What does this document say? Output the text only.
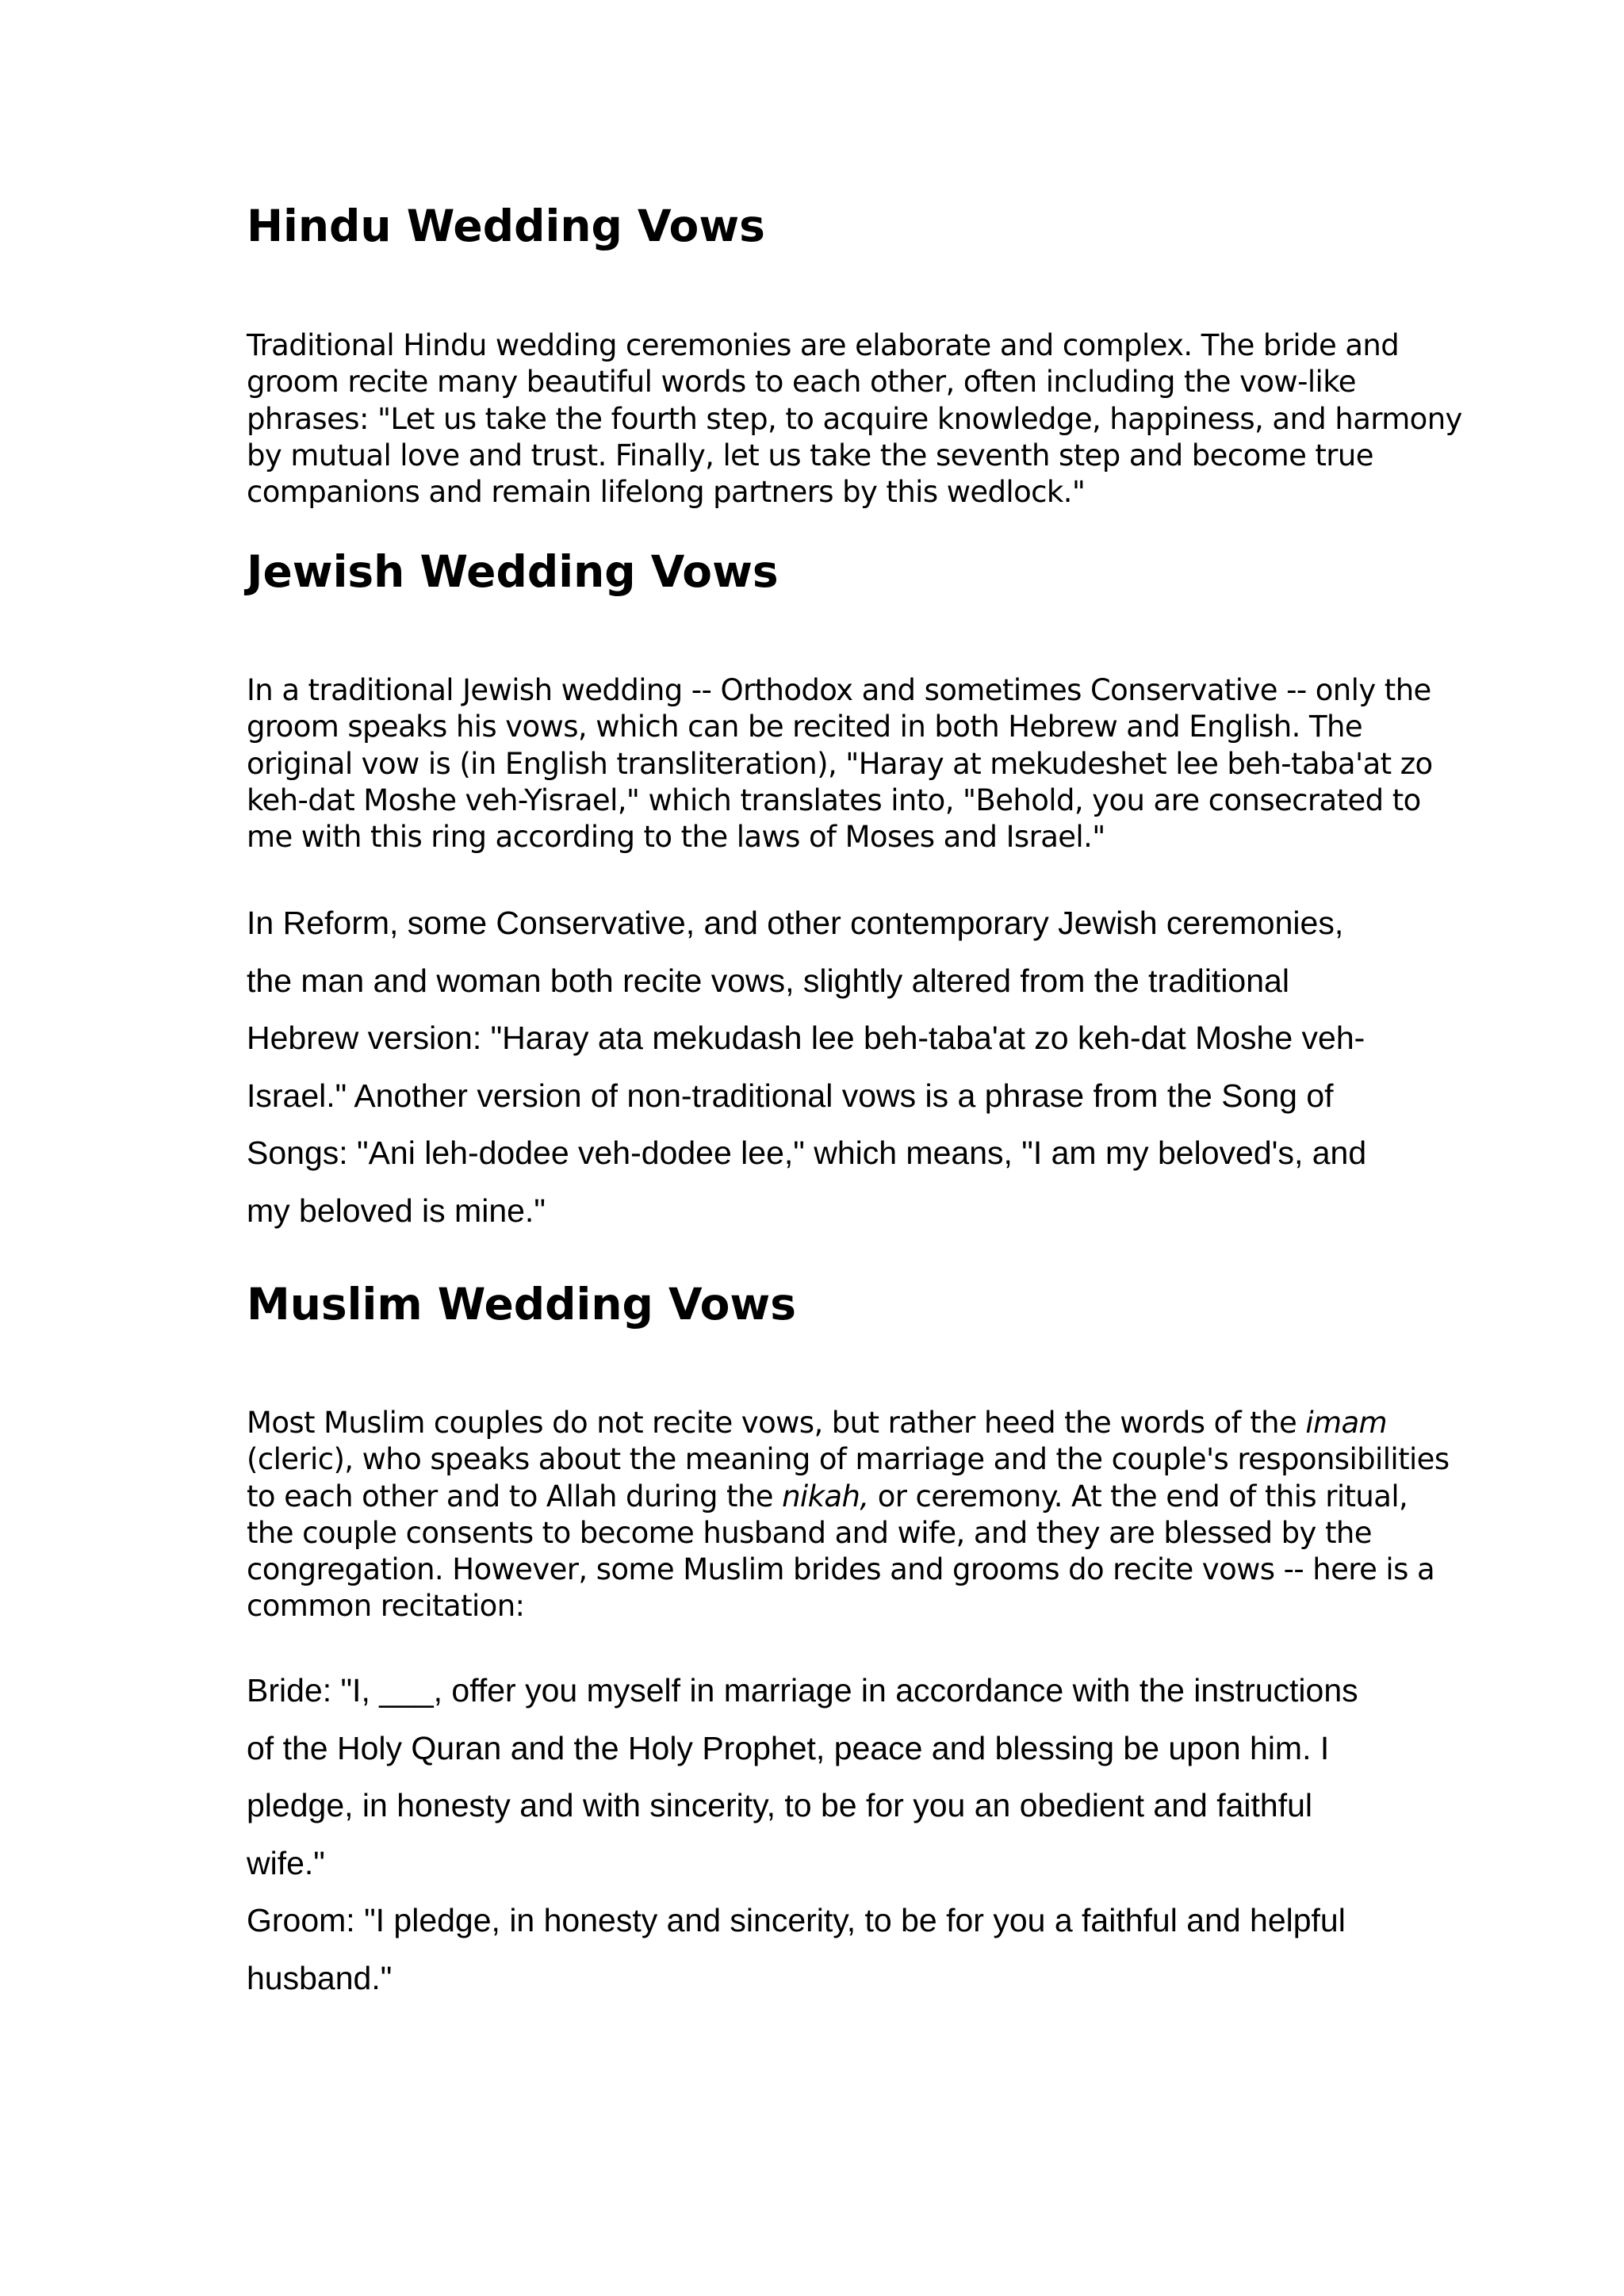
Hindu Wedding Vows

Traditional Hindu wedding ceremonies are elaborate and complex. The bride and
groom recite many beautiful words to each other, often including the vow-like
phrases: "Let us take the fourth step, to acquire knowledge, happiness, and harmony
by mutual love and trust. Finally, let us take the seventh step and become true
companions and remain lifelong partners by this wedlock."

Jewish Wedding Vows

In a traditional Jewish wedding -- Orthodox and sometimes Conservative -- only the
groom speaks his vows, which can be recited in both Hebrew and English. The
original vow is (in English transliteration), "Haray at mekudeshet lee beh-taba'at zo
keh-dat Moshe veh-Yisrael," which translates into, "Behold, you are consecrated to
me with this ring according to the laws of Moses and Israel."

In Reform, some Conservative, and other contemporary Jewish ceremonies,
the man and woman both recite vows, slightly altered from the traditional
Hebrew version: "Haray ata mekudash lee beh-taba'at zo keh-dat Moshe veh-
Israel." Another version of non-traditional vows is a phrase from the Song of
Songs: "Ani leh-dodee veh-dodee lee," which means, "I am my beloved's, and
my beloved is mine."

Muslim Wedding Vows

Most Muslim couples do not recite vows, but rather heed the words of the imam
(cleric), who speaks about the meaning of marriage and the couple's responsibilities
to each other and to Allah during the nikah, or ceremony. At the end of this ritual,
the couple consents to become husband and wife, and they are blessed by the
congregation. However, some Muslim brides and grooms do recite vows -- here is a
common recitation:

Bride: "I, ___, offer you myself in marriage in accordance with the instructions
of the Holy Quran and the Holy Prophet, peace and blessing be upon him. I
pledge, in honesty and with sincerity, to be for you an obedient and faithful
wife."
Groom: "I pledge, in honesty and sincerity, to be for you a faithful and helpful
husband."
